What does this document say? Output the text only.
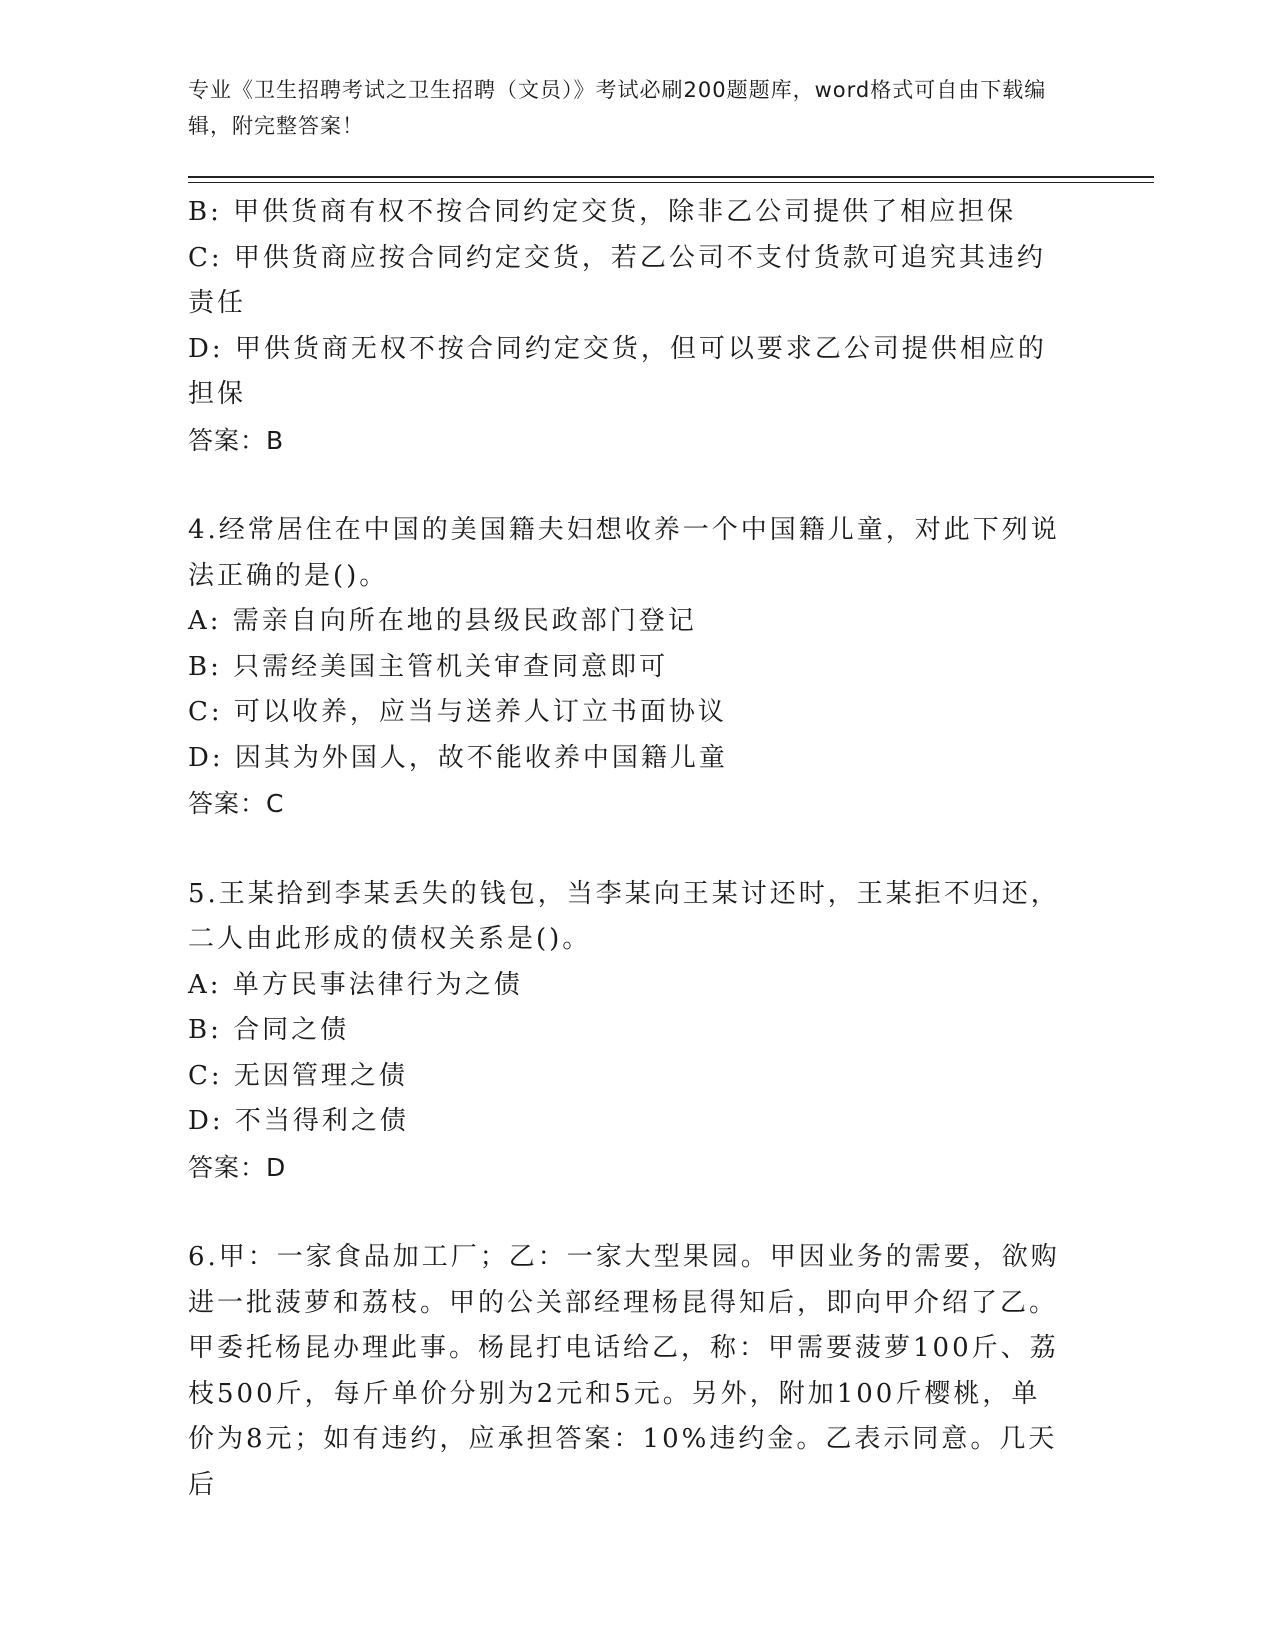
专业《卫生招聘考试之卫生招聘（文员）》考试必刷200题题库，word格式可自由下载编辑，附完整答案！

B: 甲供货商有权不按合同约定交货，除非乙公司提供了相应担保

C: 甲供货商应按合同约定交货，若乙公司不支付货款可追究其违约责任

D: 甲供货商无权不按合同约定交货，但可以要求乙公司提供相应的担保

答案：B

4.经常居住在中国的美国籍夫妇想收养一个中国籍儿童，对此下列说法正确的是()。

A: 需亲自向所在地的县级民政部门登记

B: 只需经美国主管机关审查同意即可

C: 可以收养，应当与送养人订立书面协议

D: 因其为外国人，故不能收养中国籍儿童

答案：C

5.王某拾到李某丢失的钱包，当李某向王某讨还时，王某拒不归还，二人由此形成的债权关系是()。

A: 单方民事法律行为之债

B: 合同之债

C: 无因管理之债

D: 不当得利之债

答案：D

6.甲：一家食品加工厂；乙：一家大型果园。甲因业务的需要，欲购进一批菠萝和荔枝。甲的公关部经理杨昆得知后，即向甲介绍了乙。甲委托杨昆办理此事。杨昆打电话给乙，称：甲需要菠萝100斤、荔枝500斤，每斤单价分别为2元和5元。另外，附加100斤樱桃，单价为8元；如有违约，应承担答案：10%违约金。乙表示同意。几天后
